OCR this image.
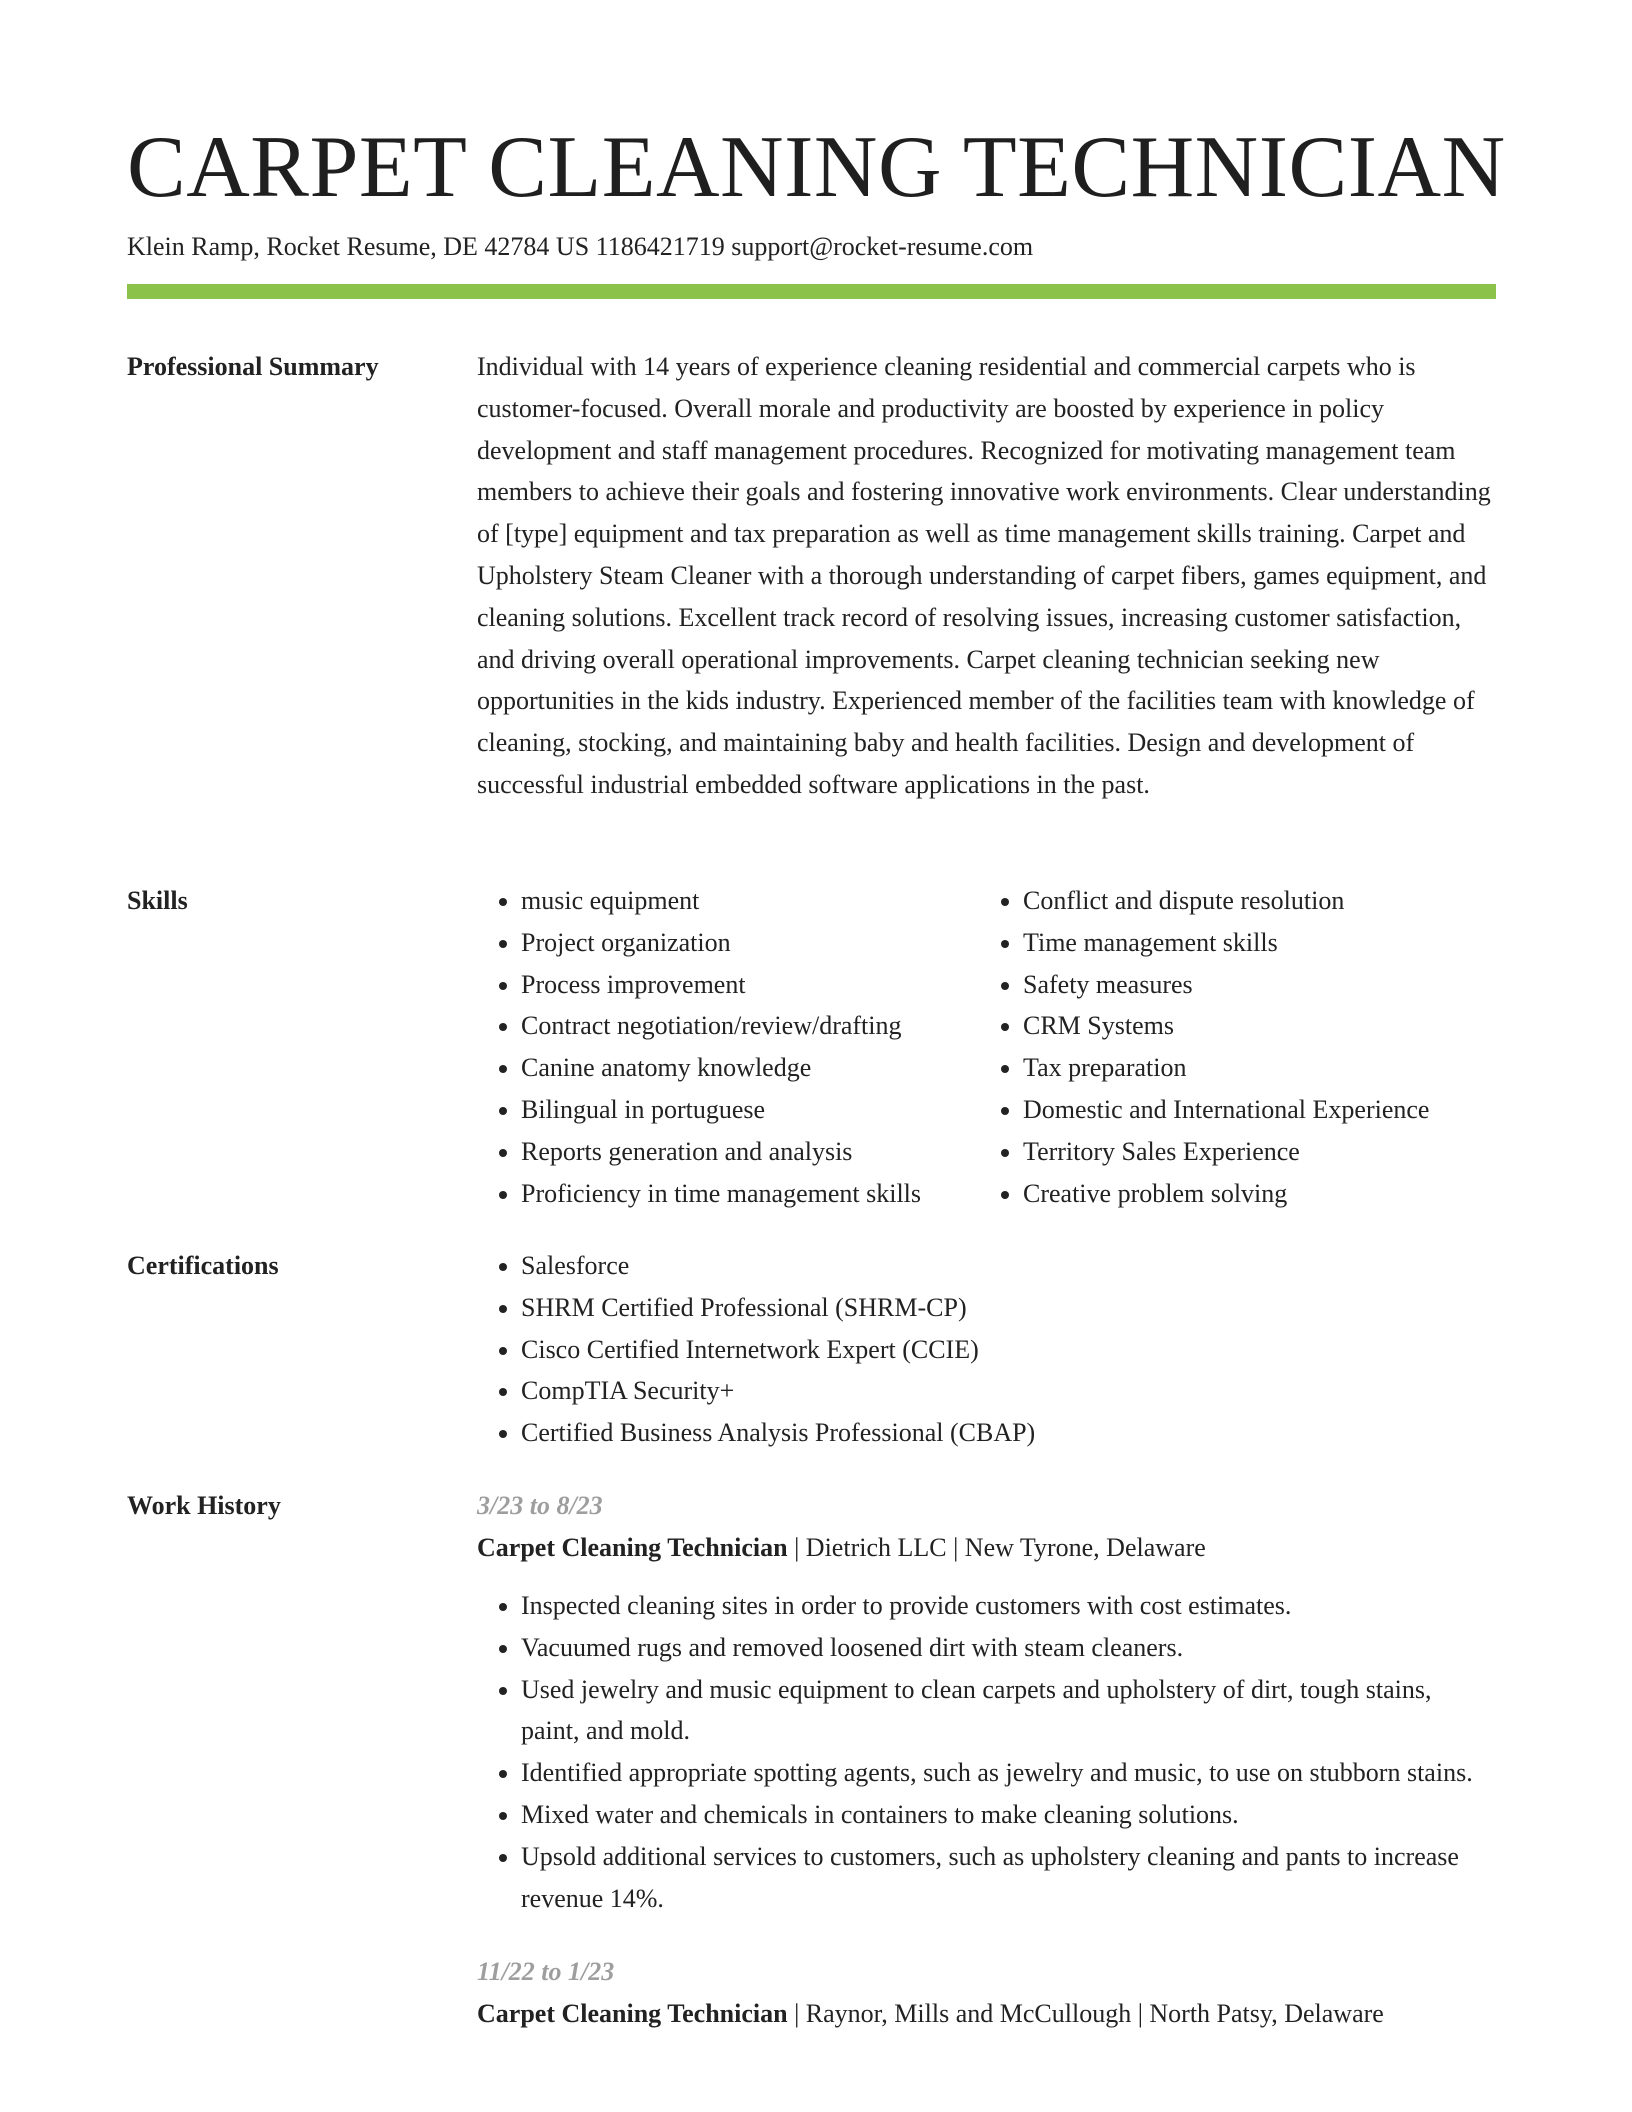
CARPET CLEANING TECHNICIAN
Klein Ramp, Rocket Resume, DE 42784 US 1186421719 support@rocket-resume.com
Professional Summary	Individual with 14 years of experience cleaning residential and commercial carpets who is customer-focused. Overall morale and productivity are boosted by experience in policy development and staff management procedures. Recognized for motivating management team members to achieve their goals and fostering innovative work environments. Clear understanding of [type] equipment and tax preparation as well as time management skills training. Carpet and Upholstery Steam Cleaner with a thorough understanding of carpet fibers, games equipment, and cleaning solutions. Excellent track record of resolving issues, increasing customer satisfaction, and driving overall operational improvements. Carpet cleaning technician seeking new opportunities in the kids industry. Experienced member of the facilities team with knowledge of cleaning, stocking, and maintaining baby and health facilities. Design and development of successful industrial embedded software applications in the past.

Skills	• music equipment
• Project organization
• Process improvement
• Contract negotiation/review/drafting
• Canine anatomy knowledge
• Bilingual in portuguese
• Reports generation and analysis
• Proficiency in time management skills
• Conflict and dispute resolution
• Time management skills
• Safety measures
• CRM Systems
• Tax preparation
• Domestic and International Experience
• Territory Sales Experience
• Creative problem solving
Certifications	• Salesforce
• SHRM Certified Professional (SHRM-CP)
• Cisco Certified Internetwork Expert (CCIE)
• CompTIA Security+
• Certified Business Analysis Professional (CBAP)
Work History	3/23 to 8/23
Carpet Cleaning Technician | Dietrich LLC | New Tyrone, Delaware
• Inspected cleaning sites in order to provide customers with cost estimates.
• Vacuumed rugs and removed loosened dirt with steam cleaners.
• Used jewelry and music equipment to clean carpets and upholstery of dirt, tough stains, paint, and mold.
• Identified appropriate spotting agents, such as jewelry and music, to use on stubborn stains.
• Mixed water and chemicals in containers to make cleaning solutions.
• Upsold additional services to customers, such as upholstery cleaning and pants to increase revenue 14%.
11/22 to 1/23
Carpet Cleaning Technician | Raynor, Mills and McCullough | North Patsy, Delaware
